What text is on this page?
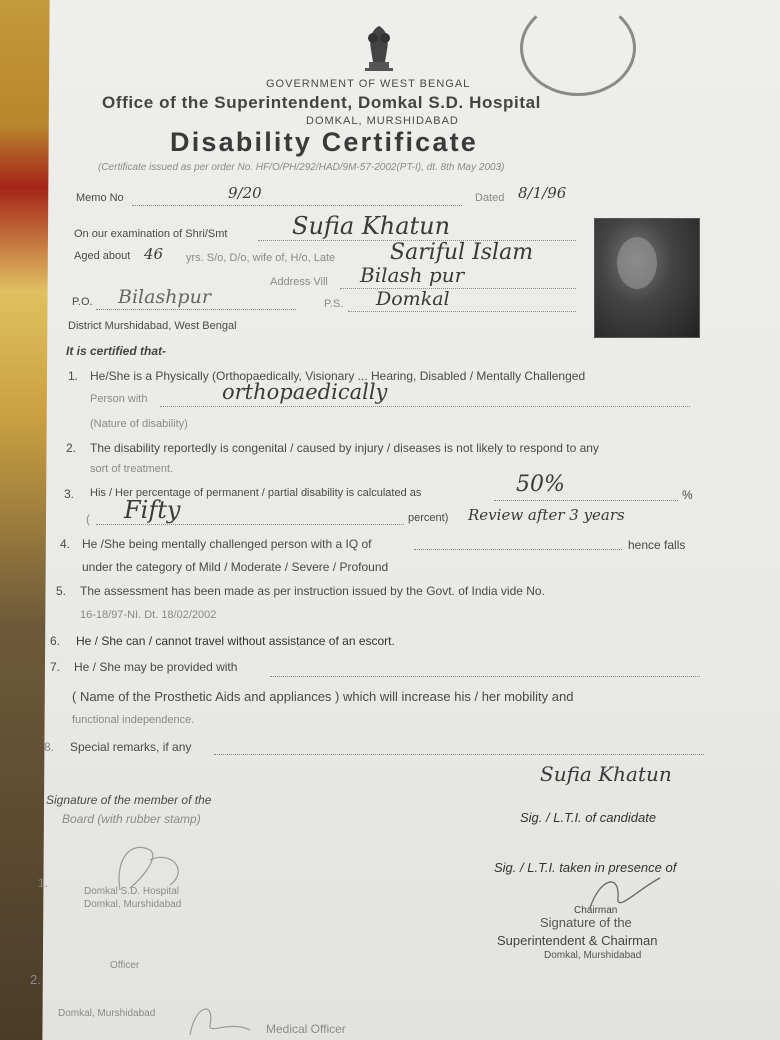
GOVERNMENT OF WEST BENGAL
Office of the Superintendent, Domkal S.D. Hospital
DOMKAL, MURSHIDABAD
Disability Certificate
(Certificate issued as per order No. HF/O/PH/292/HAD/9M-57-2002(PT-I), dt. 8th May 2003)
Memo No	9/20	Dated 8/1/96
On our examination of Shri/Smt	Sufia Khatun
Aged about 46 yrs. S/o, D/o, wife of, H/o, Late Sariful Islam
Address Vill Bilash pur
P.O. Bilashpur	P.S. Domkal
District Murshidabad, West Bengal
It is certified that-
1. He/She is a Physically (Orthopaedically, Visionary ... Hearing, Disabled / Mentally Challenged
Person with	orthopaedically
(Nature of disability)
2. The disability reportedly is congenital / caused by injury / diseases is not likely to respond to any
sort of treatment.
3. His / Her percentage of permanent / partial disability is calculated as	50%	%
( Fifty	percent) Review after 3 years
4. He /She being mentally challenged person with a IQ of	hence falls
under the category of Mild / Moderate / Severe / Profound
5. The assessment has been made as per instruction issued by the Govt. of India vide No.
16-18/97-NI. Dt. 18/02/2002
6. He / She can / cannot travel without assistance of an escort.
7. He / She may be provided with
( Name of the Prosthetic Aids and appliances ) which will increase his / her mobility and
functional independence.
8. Special remarks, if any
Sufia Khatun
Signature of the member of the
Board (with rubber stamp)	Sig. / L.T.I. of candidate
Sig. / L.T.I. taken in presence of
1.
Domkal S.D. Hospital
Domkal, Murshidabad
Chairman
Signature of the
Superintendent & Chairman
Domkal, Murshidabad
2.
Officer
Domkal, Murshidabad
Medical Officer
